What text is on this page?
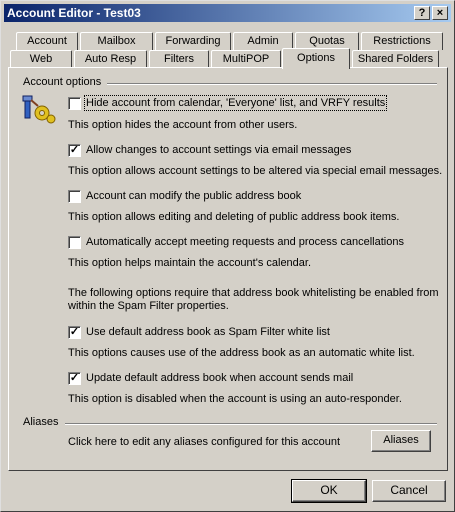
Account Editor - Test03	?	×
Account	Mailbox	Forwarding	Admin	Quotas	Restrictions
Web	Auto Resp	Filters	MultiPOP	Options	Shared Folders
Account options
Hide account from calendar, 'Everyone' list, and VRFY results
This option hides the account from other users.
✓ Allow changes to account settings via email messages
This option allows account settings to be altered via special email messages.
Account can modify the public address book
This option allows editing and deleting of public address book items.
Automatically accept meeting requests and process cancellations
This option helps maintain the account's calendar.
The following options require that address book whitelisting be enabled from
within the Spam Filter properties.
✓ Use default address book as Spam Filter white list
This options causes use of the address book as an automatic white list.
✓ Update default address book when account sends mail
This option is disabled when the account is using an auto-responder.
Aliases
Click here to edit any aliases configured for this account	Aliases
OK	Cancel
